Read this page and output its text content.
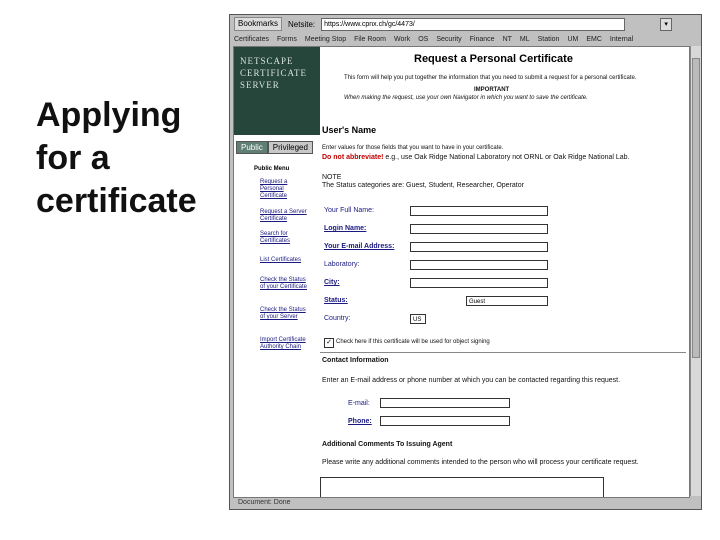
Applying for a certificate
Bookmarks	Netsite:	https://www.cpnx.ch/gc/4473/	▾
Certificates Forms Meeting Stop File Room Work OS Security Finance NT ML Station UM EMC Internal
NETSCAPE CERTIFICATE SERVER
Public	Privileged
Public Menu
Request a Personal Certificate
Request a Server Certificate
Search for Certificates
List Certificates
Check the Status of your Certificate
Check the Status of your Server
Import Certificate Authority Chain
Request a Personal Certificate
This form will help you put together the information that you need to submit a request for a personal certificate.
IMPORTANT
When making the request, use your own Navigator in which you want to save the certificate.
User's Name
Enter values for those fields that you want to have in your certificate.
Do not abbreviate! e.g., use Oak Ridge National Laboratory not ORNL or Oak Ridge National Lab.
NOTE
The Status categories are: Guest, Student, Researcher, Operator
Your Full Name:
Login Name:
Your E-mail Address:
Laboratory:
City:
Status:	Guest
Country:	US
✓ Check here if this certificate will be used for object signing
Contact Information
Enter an E-mail address or phone number at which you can be contacted regarding this request.
E-mail:
Phone:
Additional Comments To Issuing Agent
Please write any additional comments intended to the person who will process your certificate request.
Document: Done
